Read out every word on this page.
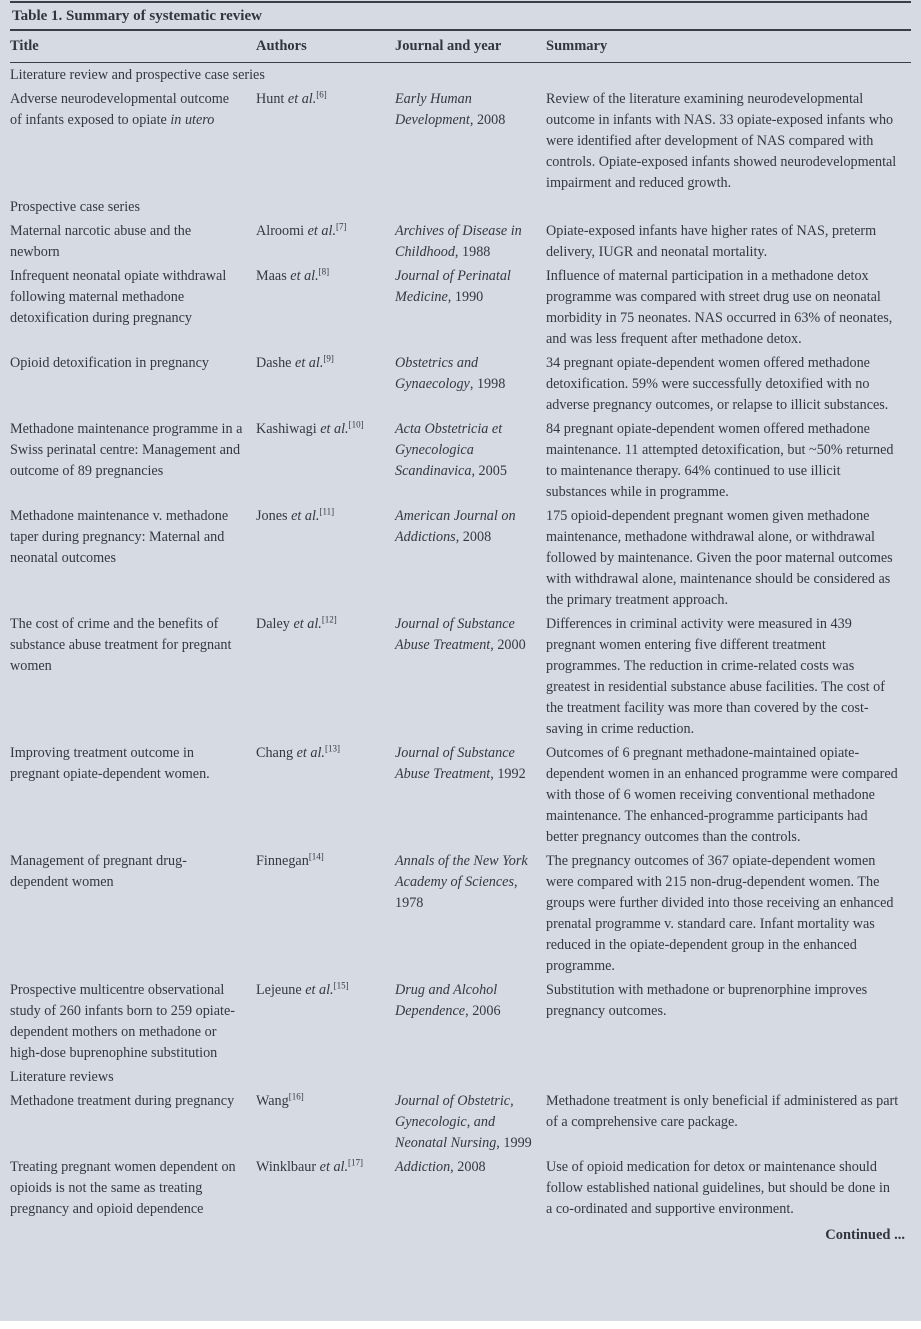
Table 1. Summary of systematic review
Title	Authors	Journal and year	Summary
Literature review and prospective case series			
Adverse neurodevelopmental outcome of infants exposed to opiate in utero	Hunt et al.[6]	Early Human Development, 2008	Review of the literature examining neurodevelopmental outcome in infants with NAS. 33 opiate-exposed infants who were identified after development of NAS compared with controls. Opiate-exposed infants showed neurodevelopmental impairment and reduced growth.
Prospective case series			
Maternal narcotic abuse and the newborn	Alroomi et al.[7]	Archives of Disease in Childhood, 1988	Opiate-exposed infants have higher rates of NAS, preterm delivery, IUGR and neonatal mortality.
Infrequent neonatal opiate withdrawal following maternal methadone detoxification during pregnancy	Maas et al.[8]	Journal of Perinatal Medicine, 1990	Influence of maternal participation in a methadone detox programme was compared with street drug use on neonatal morbidity in 75 neonates. NAS occurred in 63% of neonates, and was less frequent after methadone detox.
Opioid detoxification in pregnancy	Dashe et al.[9]	Obstetrics and Gynaecology, 1998	34 pregnant opiate-dependent women offered methadone detoxification. 59% were successfully detoxified with no adverse pregnancy outcomes, or relapse to illicit substances.
Methadone maintenance programme in a Swiss perinatal centre: Management and outcome of 89 pregnancies	Kashiwagi et al.[10]	Acta Obstetricia et Gynecologica Scandinavica, 2005	84 pregnant opiate-dependent women offered methadone maintenance. 11 attempted detoxification, but ~50% returned to maintenance therapy. 64% continued to use illicit substances while in programme.
Methadone maintenance v. methadone taper during pregnancy: Maternal and neonatal outcomes	Jones et al.[11]	American Journal on Addictions, 2008	175 opioid-dependent pregnant women given methadone maintenance, methadone withdrawal alone, or withdrawal followed by maintenance. Given the poor maternal outcomes with withdrawal alone, maintenance should be considered as the primary treatment approach.
The cost of crime and the benefits of substance abuse treatment for pregnant women	Daley et al.[12]	Journal of Substance Abuse Treatment, 2000	Differences in criminal activity were measured in 439 pregnant women entering five different treatment programmes. The reduction in crime-related costs was greatest in residential substance abuse facilities. The cost of the treatment facility was more than covered by the cost-saving in crime reduction.
Improving treatment outcome in pregnant opiate-dependent women.	Chang et al.[13]	Journal of Substance Abuse Treatment, 1992	Outcomes of 6 pregnant methadone-maintained opiate-dependent women in an enhanced programme were compared with those of 6 women receiving conventional methadone maintenance. The enhanced-programme participants had better pregnancy outcomes than the controls.
Management of pregnant drug-dependent women	Finnegan[14]	Annals of the New York Academy of Sciences, 1978	The pregnancy outcomes of 367 opiate-dependent women were compared with 215 non-drug-dependent women. The groups were further divided into those receiving an enhanced prenatal programme v. standard care. Infant mortality was reduced in the opiate-dependent group in the enhanced programme.
Prospective multicentre observational study of 260 infants born to 259 opiate-dependent mothers on methadone or high-dose buprenophine substitution	Lejeune et al.[15]	Drug and Alcohol Dependence, 2006	Substitution with methadone or buprenorphine improves pregnancy outcomes.
Literature reviews			
Methadone treatment during pregnancy	Wang[16]	Journal of Obstetric, Gynecologic, and Neonatal Nursing, 1999	Methadone treatment is only beneficial if administered as part of a comprehensive care package.
Treating pregnant women dependent on opioids is not the same as treating pregnancy and opioid dependence	Winklbaur et al.[17]	Addiction, 2008	Use of opioid medication for detox or maintenance should follow established national guidelines, but should be done in a co-ordinated and supportive environment.
Continued ...
